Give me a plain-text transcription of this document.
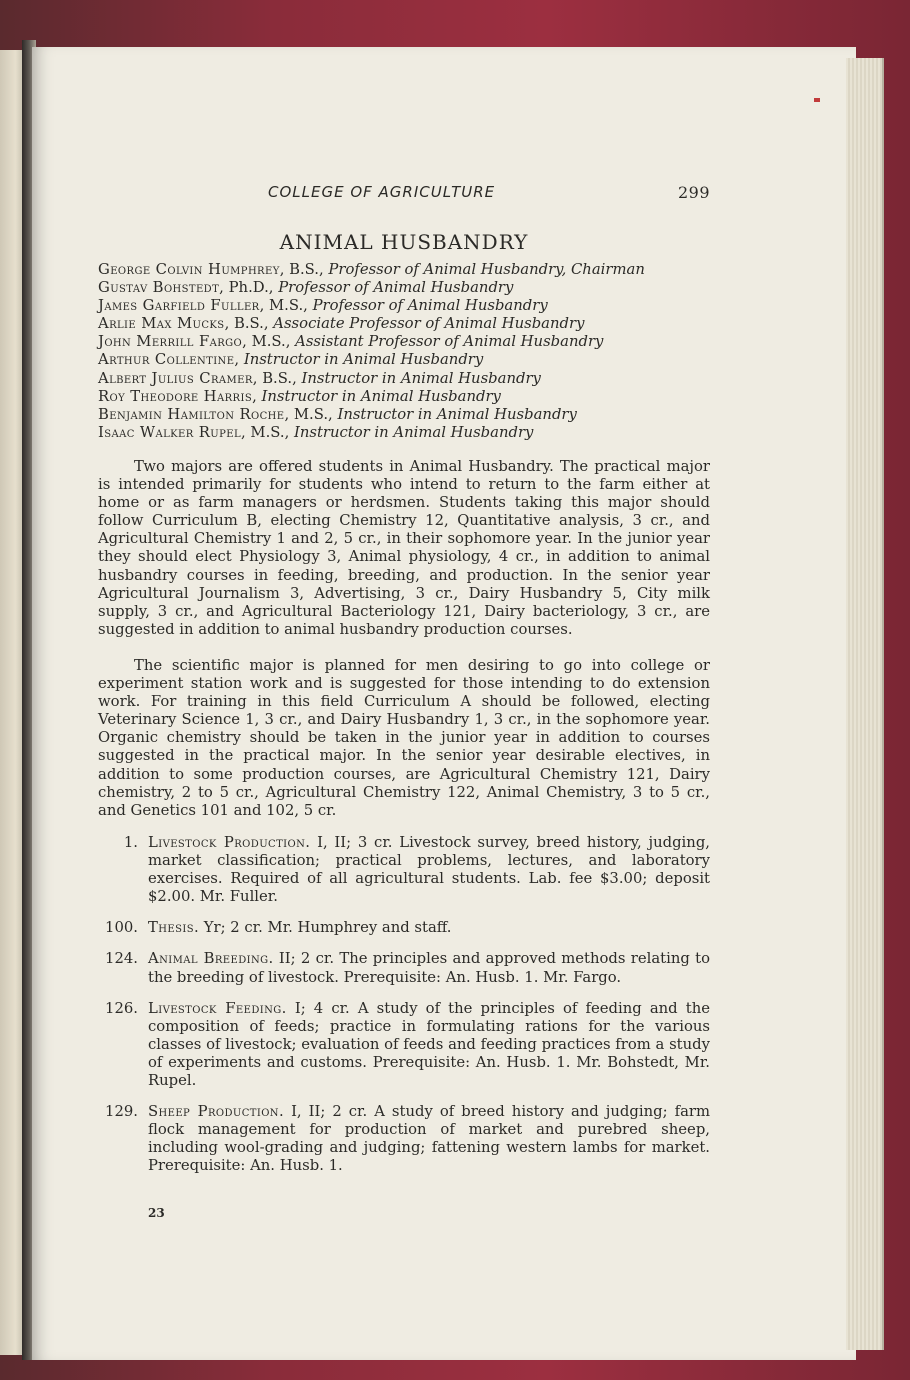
COLLEGE OF AGRICULTURE	299
ANIMAL HUSBANDRY
George Colvin Humphrey, B.S., Professor of Animal Husbandry, Chairman
Gustav Bohstedt, Ph.D., Professor of Animal Husbandry
James Garfield Fuller, M.S., Professor of Animal Husbandry
Arlie Max Mucks, B.S., Associate Professor of Animal Husbandry
John Merrill Fargo, M.S., Assistant Professor of Animal Husbandry
Arthur Collentine, Instructor in Animal Husbandry
Albert Julius Cramer, B.S., Instructor in Animal Husbandry
Roy Theodore Harris, Instructor in Animal Husbandry
Benjamin Hamilton Roche, M.S., Instructor in Animal Husbandry
Isaac Walker Rupel, M.S., Instructor in Animal Husbandry

Two majors are offered students in Animal Husbandry. The practical major is intended primarily for students who intend to return to the farm either at home or as farm managers or herdsmen. Students taking this major should follow Curriculum B, electing Chemistry 12, Quantitative analysis, 3 cr., and Agricultural Chemistry 1 and 2, 5 cr., in their sophomore year. In the junior year they should elect Physiology 3, Animal physiology, 4 cr., in addition to animal husbandry courses in feeding, breeding, and production. In the senior year Agricultural Journalism 3, Advertising, 3 cr., Dairy Husbandry 5, City milk supply, 3 cr., and Agricultural Bacteriology 121, Dairy bacteriology, 3 cr., are suggested in addition to animal husbandry production courses.

The scientific major is planned for men desiring to go into college or experiment station work and is suggested for those intending to do extension work. For training in this field Curriculum A should be followed, electing Veterinary Science 1, 3 cr., and Dairy Husbandry 1, 3 cr., in the sophomore year. Organic chemistry should be taken in the junior year in addition to courses suggested in the practical major. In the senior year desirable electives, in addition to some production courses, are Agricultural Chemistry 121, Dairy chemistry, 2 to 5 cr., Agricultural Chemistry 122, Animal Chemistry, 3 to 5 cr., and Genetics 101 and 102, 5 cr.

1. Livestock Production. I, II; 3 cr. Livestock survey, breed history, judging, market classification; practical problems, lectures, and laboratory exercises. Required of all agricultural students. Lab. fee $3.00; deposit $2.00. Mr. Fuller.
100. Thesis. Yr; 2 cr. Mr. Humphrey and staff.
124. Animal Breeding. II; 2 cr. The principles and approved methods relating to the breeding of livestock. Prerequisite: An. Husb. 1. Mr. Fargo.
126. Livestock Feeding. I; 4 cr. A study of the principles of feeding and the composition of feeds; practice in formulating rations for the various classes of livestock; evaluation of feeds and feeding practices from a study of experiments and customs. Prerequisite: An. Husb. 1. Mr. Bohstedt, Mr. Rupel.
129. Sheep Production. I, II; 2 cr. A study of breed history and judging; farm flock management for production of market and purebred sheep, including wool-grading and judging; fattening western lambs for market. Prerequisite: An. Husb. 1.
23
